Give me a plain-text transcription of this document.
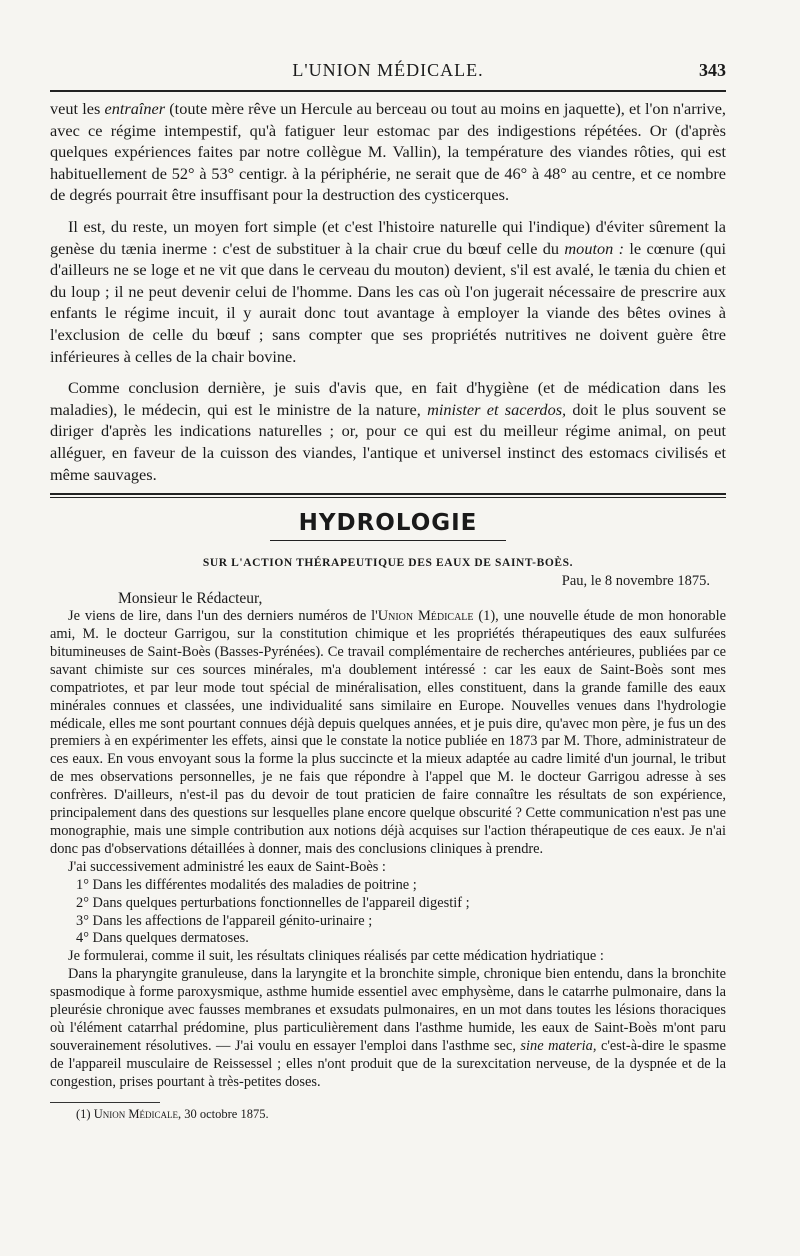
L'UNION MÉDICALE.	343

veut les entraîner (toute mère rêve un Hercule au berceau ou tout au moins en jaquette), et l'on n'arrive, avec ce régime intempestif, qu'à fatiguer leur estomac par des indigestions répétées. Or (d'après quelques expériences faites par notre collègue M. Vallin), la température des viandes rôties, qui est habituellement de 52° à 53° centigr. à la périphérie, ne serait que de 46° à 48° au centre, et ce nombre de degrés pourrait être insuffisant pour la destruction des cysticerques.

Il est, du reste, un moyen fort simple (et c'est l'histoire naturelle qui l'indique) d'éviter sûrement la genèse du tænia inerme : c'est de substituer à la chair crue du bœuf celle du mouton : le cœnure (qui d'ailleurs ne se loge et ne vit que dans le cerveau du mouton) devient, s'il est avalé, le tænia du chien et du loup ; il ne peut devenir celui de l'homme. Dans les cas où l'on jugerait nécessaire de prescrire aux enfants le régime incuit, il y aurait donc tout avantage à employer la viande des bêtes ovines à l'exclusion de celle du bœuf ; sans compter que ses propriétés nutritives ne doivent guère être inférieures à celles de la chair bovine.

Comme conclusion dernière, je suis d'avis que, en fait d'hygiène (et de médication dans les maladies), le médecin, qui est le ministre de la nature, minister et sacerdos, doit le plus souvent se diriger d'après les indications naturelles ; or, pour ce qui est du meilleur régime animal, on peut alléguer, en faveur de la cuisson des viandes, l'antique et universel instinct des estomacs civilisés et même sauvages.

HYDROLOGIE
SUR L'ACTION THÉRAPEUTIQUE DES EAUX DE SAINT-BOÈS.
Pau, le 8 novembre 1875.
Monsieur le Rédacteur,

Je viens de lire, dans l'un des derniers numéros de l'Union Médicale (1), une nouvelle étude de mon honorable ami, M. le docteur Garrigou, sur la constitution chimique et les propriétés thérapeutiques des eaux sulfurées bitumineuses de Saint-Boès (Basses-Pyrénées). Ce travail complémentaire de recherches antérieures, publiées par ce savant chimiste sur ces sources minérales, m'a doublement intéressé : car les eaux de Saint-Boès sont mes compatriotes, et par leur mode tout spécial de minéralisation, elles constituent, dans la grande famille des eaux minérales connues et classées, une individualité sans similaire en Europe. Nouvelles venues dans l'hydrologie médicale, elles me sont pourtant connues déjà depuis quelques années, et je puis dire, qu'avec mon père, je fus un des premiers à en expérimenter les effets, ainsi que le constate la notice publiée en 1873 par M. Thore, administrateur de ces eaux. En vous envoyant sous la forme la plus succincte et la mieux adaptée au cadre limité d'un journal, le tribut de mes observations personnelles, je ne fais que répondre à l'appel que M. le docteur Garrigou adresse à ses confrères. D'ailleurs, n'est-il pas du devoir de tout praticien de faire connaître les résultats de son expérience, principalement dans des questions sur lesquelles plane encore quelque obscurité ? Cette communication n'est pas une monographie, mais une simple contribution aux notions déjà acquises sur l'action thérapeutique de ces eaux. Je n'ai donc pas d'observations détaillées à donner, mais des conclusions cliniques à prendre.

J'ai successivement administré les eaux de Saint-Boès :

1° Dans les différentes modalités des maladies de poitrine ;
2° Dans quelques perturbations fonctionnelles de l'appareil digestif ;
3° Dans les affections de l'appareil génito-urinaire ;
4° Dans quelques dermatoses.

Je formulerai, comme il suit, les résultats cliniques réalisés par cette médication hydriatique :

Dans la pharyngite granuleuse, dans la laryngite et la bronchite simple, chronique bien entendu, dans la bronchite spasmodique à forme paroxysmique, asthme humide essentiel avec emphysème, dans le catarrhe pulmonaire, dans la pleurésie chronique avec fausses membranes et exsudats pulmonaires, en un mot dans toutes les lésions thoraciques où l'élément catarrhal prédomine, plus particulièrement dans l'asthme humide, les eaux de Saint-Boès m'ont paru souverainement résolutives. — J'ai voulu en essayer l'emploi dans l'asthme sec, sine materia, c'est-à-dire le spasme de l'appareil musculaire de Reissessel ; elles n'ont produit que de la surexcitation nerveuse, de la dyspnée et de la congestion, prises pourtant à très-petites doses.

(1) Union Médicale, 30 octobre 1875.
